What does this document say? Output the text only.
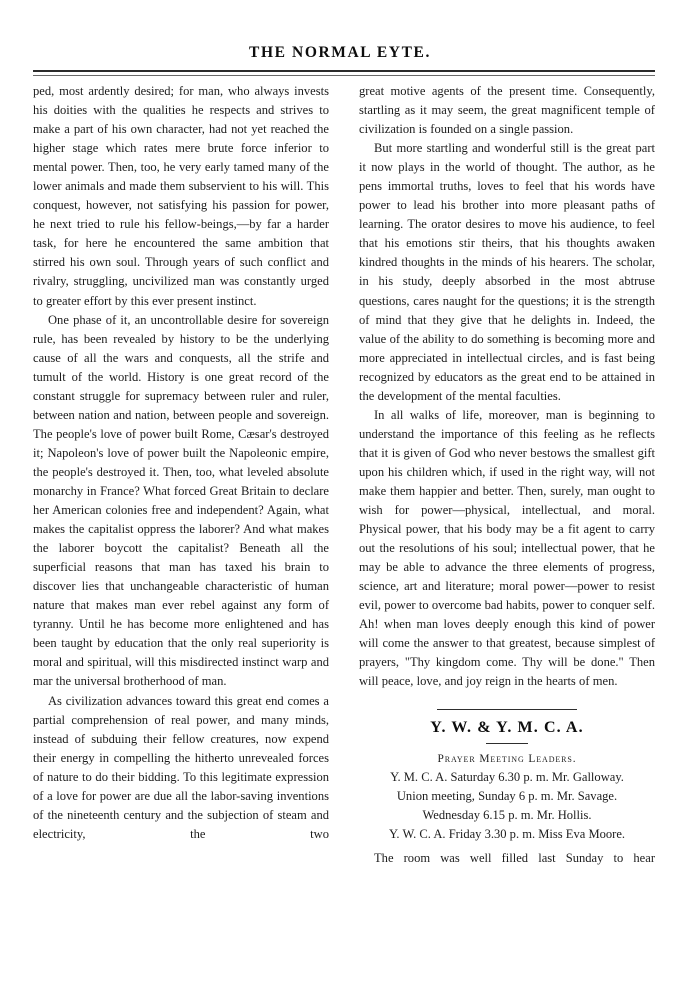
THE NORMAL EYTE.

ped, most ardently desired; for man, who always invests his doities with the qualities he respects and strives to make a part of his own character, had not yet reached the higher stage which rates mere brute force inferior to mental power. Then, too, he very early tamed many of the lower animals and made them subservient to his will. This conquest, however, not satisfying his passion for power, he next tried to rule his fellow-beings,—by far a harder task, for here he encountered the same ambition that stirred his own soul. Through years of such conflict and rivalry, struggling, uncivilized man was constantly urged to greater effort by this ever present instinct.

One phase of it, an uncontrollable desire for sovereign rule, has been revealed by history to be the underlying cause of all the wars and conquests, all the strife and tumult of the world. History is one great record of the constant struggle for supremacy between ruler and ruler, between nation and nation, between people and sovereign. The people's love of power built Rome, Cæsar's destroyed it; Napoleon's love of power built the Napoleonic empire, the people's destroyed it. Then, too, what leveled absolute monarchy in France? What forced Great Britain to declare her American colonies free and independent? Again, what makes the capitalist oppress the laborer? And what makes the laborer boycott the capitalist? Beneath all the superficial reasons that man has taxed his brain to discover lies that unchangeable characteristic of human nature that makes man ever rebel against any form of tyranny. Until he has become more enlightened and has been taught by education that the only real superiority is moral and spiritual, will this misdirected instinct warp and mar the universal brotherhood of man.

As civilization advances toward this great end comes a partial comprehension of real power, and many minds, instead of subduing their fellow creatures, now expend their energy in compelling the hitherto unrevealed forces of nature to do their bidding. To this legitimate expression of a love for power are due all the labor-saving inventions of the nineteenth century and the subjection of steam and electricity, the two

great motive agents of the present time. Consequently, startling as it may seem, the great magnificent temple of civilization is founded on a single passion.

But more startling and wonderful still is the great part it now plays in the world of thought. The author, as he pens immortal truths, loves to feel that his words have power to lead his brother into more pleasant paths of learning. The orator desires to move his audience, to feel that his emotions stir theirs, that his thoughts awaken kindred thoughts in the minds of his hearers. The scholar, in his study, deeply absorbed in the most abtruse questions, cares naught for the questions; it is the strength of mind that they give that he delights in. Indeed, the value of the ability to do something is becoming more and more appreciated in intellectual circles, and is fast being recognized by educators as the great end to be attained in the development of the mental faculties.

In all walks of life, moreover, man is beginning to understand the importance of this feeling as he reflects that it is given of God who never bestows the smallest gift upon his children which, if used in the right way, will not make them happier and better. Then, surely, man ought to wish for power—physical, intellectual, and moral. Physical power, that his body may be a fit agent to carry out the resolutions of his soul; intellectual power, that he may be able to advance the three elements of progress, science, art and literature; moral power—power to resist evil, power to overcome bad habits, power to conquer self. Ah! when man loves deeply enough this kind of power will come the answer to that greatest, because simplest of prayers, "Thy kingdom come. Thy will be done." Then will peace, love, and joy reign in the hearts of men.

Y. W. & Y. M. C. A.
Prayer Meeting Leaders.
Y. M. C. A. Saturday 6.30 p. m. Mr. Galloway.
Union meeting, Sunday 6 p. m. Mr. Savage.
Wednesday 6.15 p. m. Mr. Hollis.
Y. W. C. A. Friday 3.30 p. m. Miss Eva Moore.

The room was well filled last Sunday to hear
